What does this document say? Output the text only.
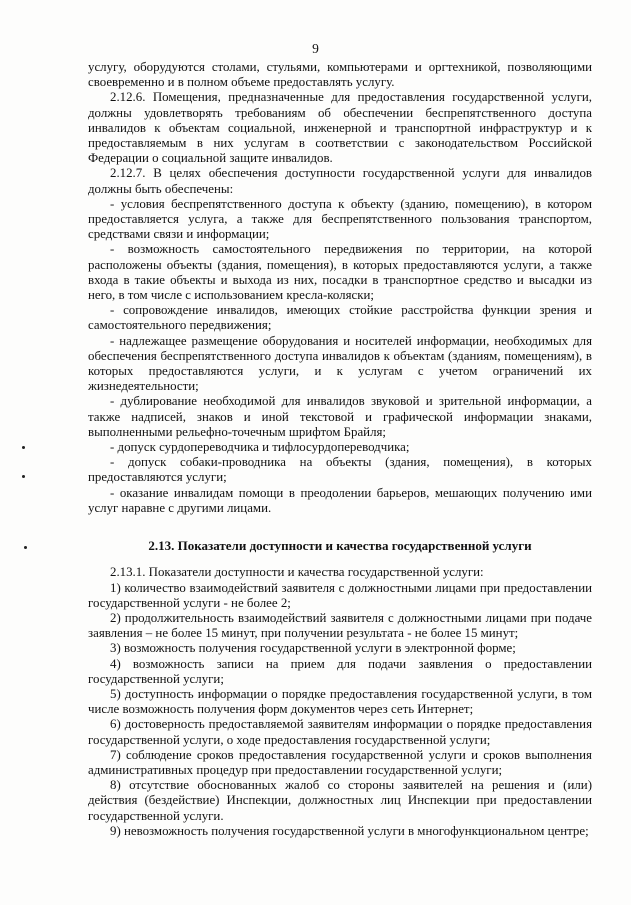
9

услугу, оборудуются столами, стульями, компьютерами и оргтехникой, позволяющими своевременно и в полном объеме предоставлять услугу.

2.12.6. Помещения, предназначенные для предоставления государственной услуги, должны удовлетворять требованиям об обеспечении беспрепятственного доступа инвалидов к объектам социальной, инженерной и транспортной инфраструктур и к предоставляемым в них услугам в соответствии с законодательством Российской Федерации о социальной защите инвалидов.

2.12.7. В целях обеспечения доступности государственной услуги для инвалидов должны быть обеспечены:

- условия беспрепятственного доступа к объекту (зданию, помещению), в котором предоставляется услуга, а также для беспрепятственного пользования транспортом, средствами связи и информации;

- возможность самостоятельного передвижения по территории, на которой расположены объекты (здания, помещения), в которых предоставляются услуги, а также входа в такие объекты и выхода из них, посадки в транспортное средство и высадки из него, в том числе с использованием кресла-коляски;

- сопровождение инвалидов, имеющих стойкие расстройства функции зрения и самостоятельного передвижения;

- надлежащее размещение оборудования и носителей информации, необходимых для обеспечения беспрепятственного доступа инвалидов к объектам (зданиям, помещениям), в которых предоставляются услуги, и к услугам с учетом ограничений их жизнедеятельности;

- дублирование необходимой для инвалидов звуковой и зрительной информации, а также надписей, знаков и иной текстовой и графической информации знаками, выполненными рельефно-точечным шрифтом Брайля;

- допуск сурдопереводчика и тифлосурдопереводчика;

- допуск собаки-проводника на объекты (здания, помещения), в которых предоставляются услуги;

- оказание инвалидам помощи в преодолении барьеров, мешающих получению ими услуг наравне с другими лицами.

2.13. Показатели доступности и качества государственной услуги

2.13.1. Показатели доступности и качества государственной услуги:

1) количество взаимодействий заявителя с должностными лицами при предоставлении государственной услуги - не более 2;

2) продолжительность взаимодействий заявителя с должностными лицами при подаче заявления – не более 15 минут, при получении результата - не более 15 минут;

3) возможность получения государственной услуги в электронной форме;

4) возможность записи на прием для подачи заявления о предоставлении государственной услуги;

5) доступность информации о порядке предоставления государственной услуги, в том числе возможность получения форм документов через сеть Интернет;

6) достоверность предоставляемой заявителям информации о порядке предоставления государственной услуги, о ходе предоставления государственной услуги;

7) соблюдение сроков предоставления государственной услуги и сроков выполнения административных процедур при предоставлении государственной услуги;

8) отсутствие обоснованных жалоб со стороны заявителей на решения и (или) действия (бездействие) Инспекции, должностных лиц Инспекции при предоставлении государственной услуги.

9) невозможность получения государственной услуги в многофункциональном центре;
